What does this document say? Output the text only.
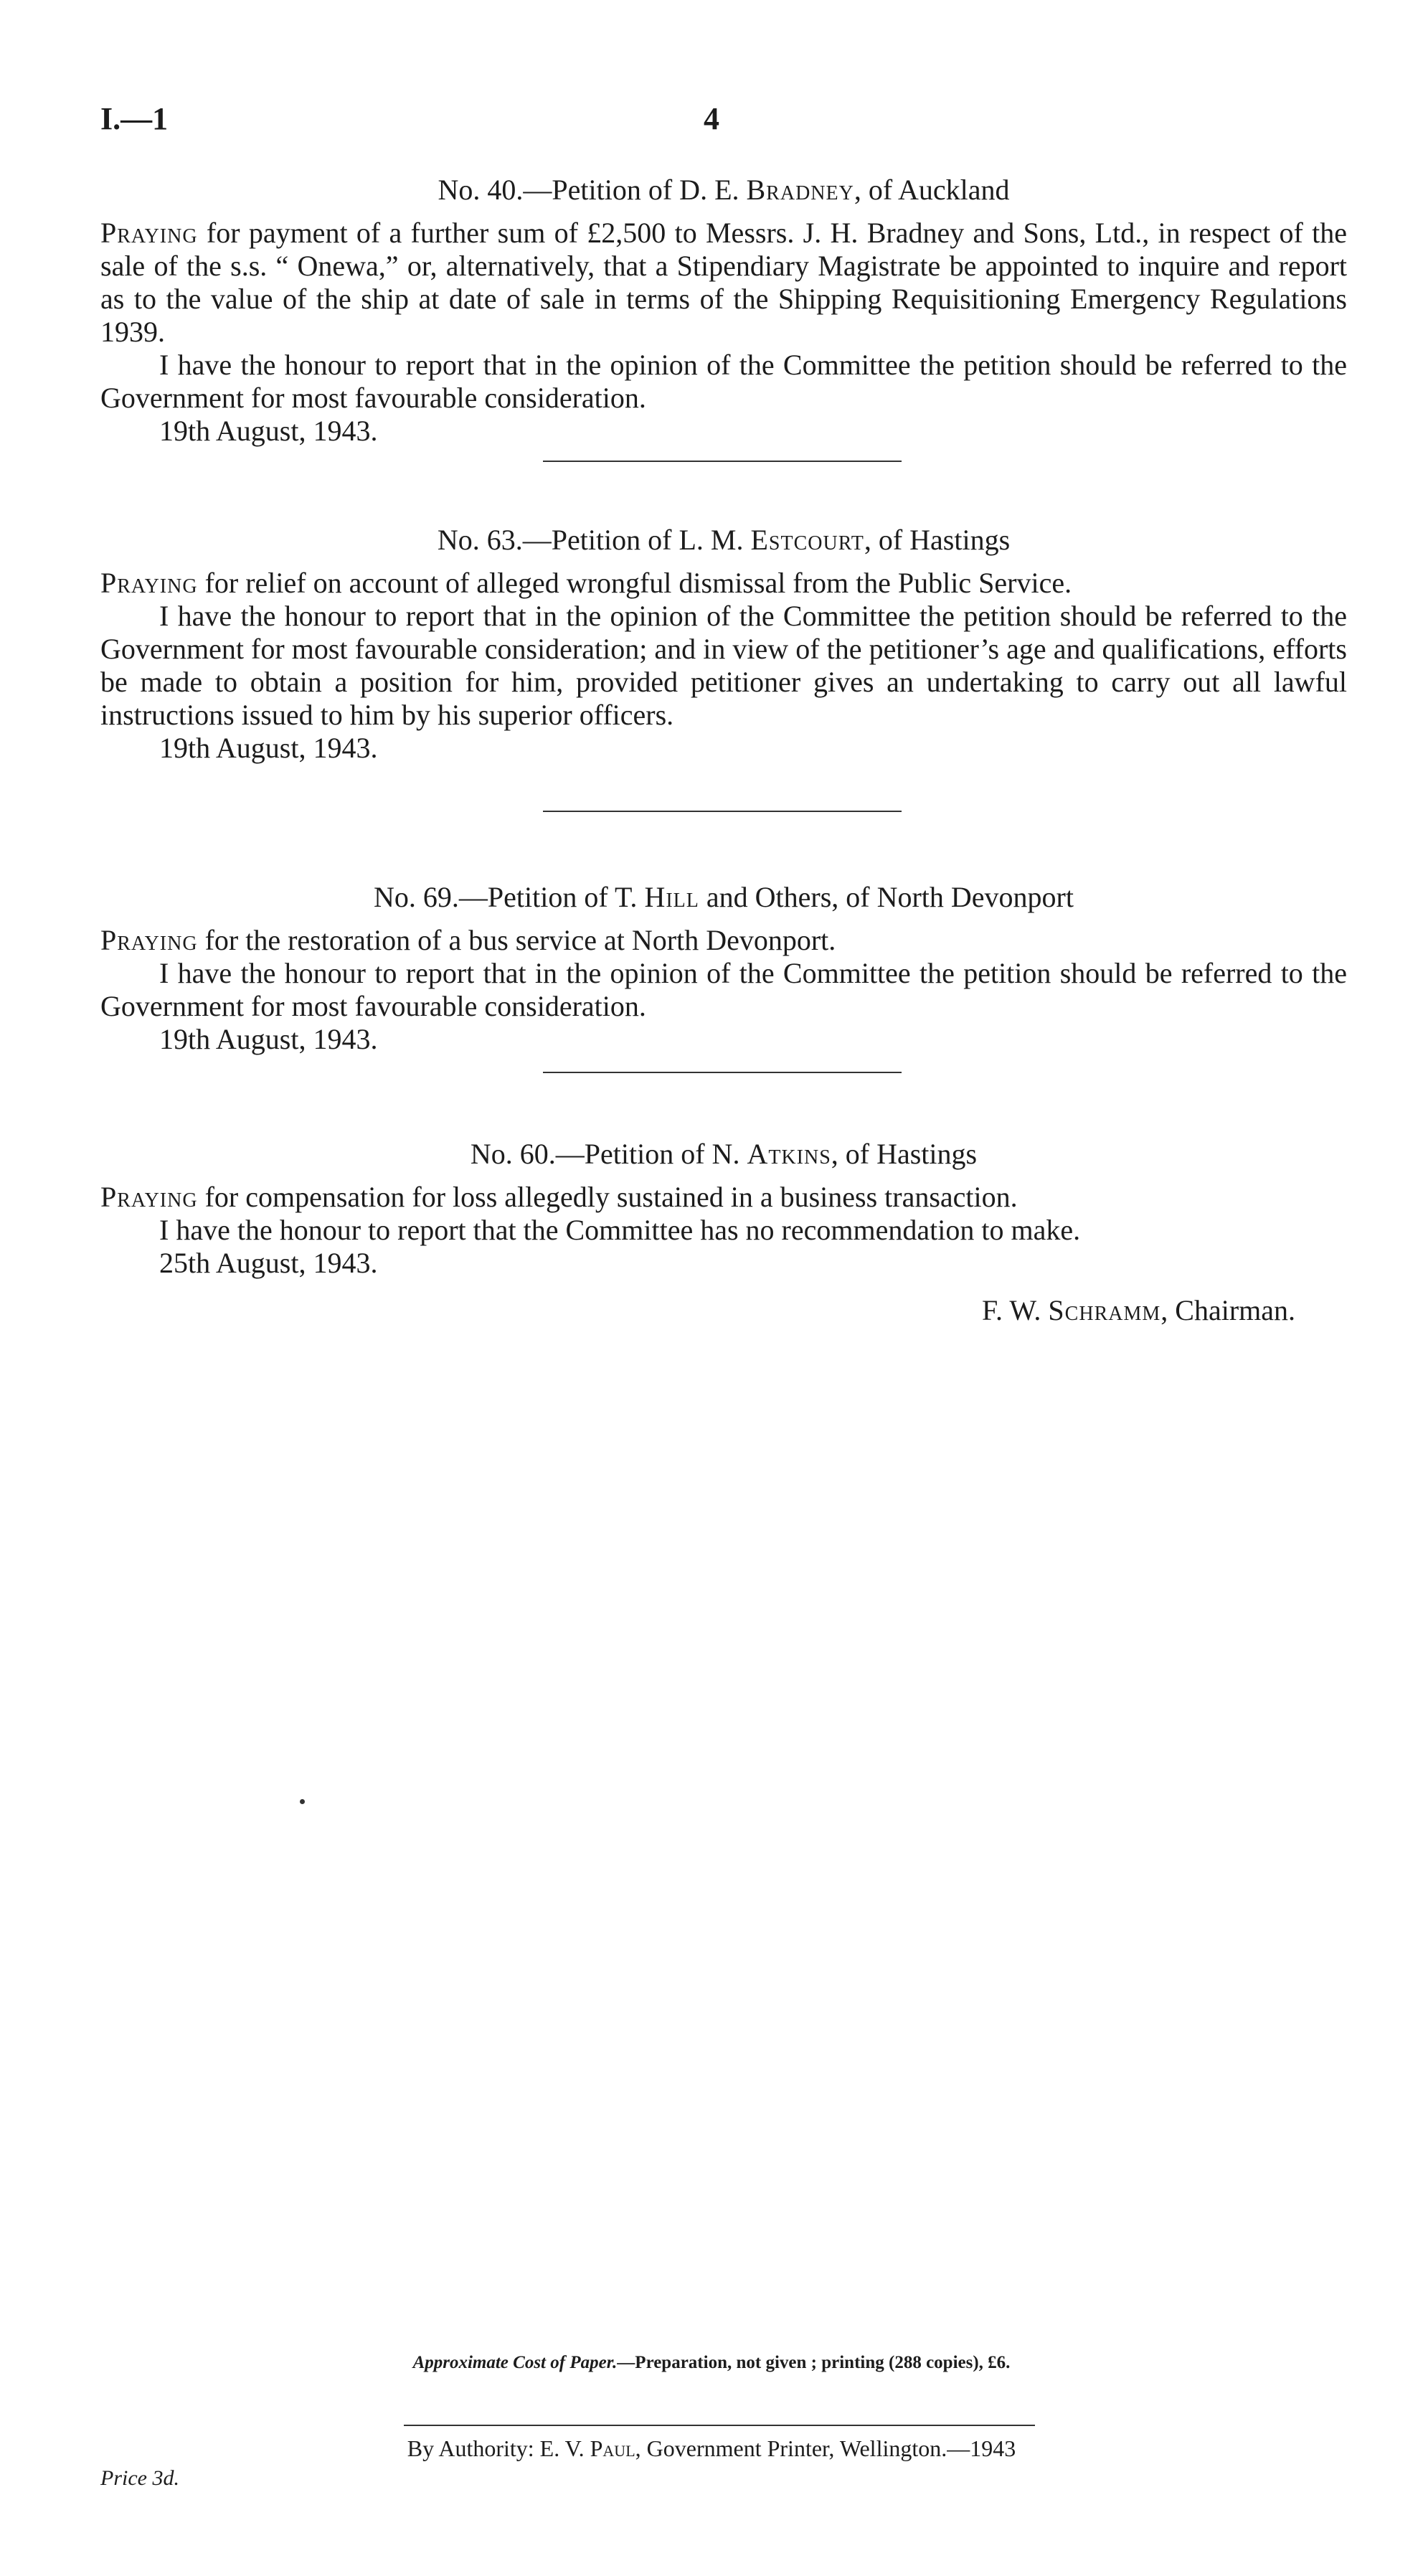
I.—1	4
No. 40.—Petition of D. E. Bradney, of Auckland

Praying for payment of a further sum of £2,500 to Messrs. J. H. Bradney and Sons, Ltd., in respect of the sale of the s.s. “ Onewa,” or, alternatively, that a Stipendiary Magistrate be appointed to inquire and report as to the value of the ship at date of sale in terms of the Shipping Requisitioning Emergency Regulations 1939.

I have the honour to report that in the opinion of the Committee the petition should be referred to the Government for most favourable consideration.

19th August, 1943.
No. 63.—Petition of L. M. Estcourt, of Hastings

Praying for relief on account of alleged wrongful dismissal from the Public Service.

I have the honour to report that in the opinion of the Committee the petition should be referred to the Government for most favourable consideration; and in view of the petitioner’s age and qualifications, efforts be made to obtain a position for him, provided petitioner gives an undertaking to carry out all lawful instructions issued to him by his superior officers.

19th August, 1943.
No. 69.—Petition of T. Hill and Others, of North Devonport

Praying for the restoration of a bus service at North Devonport.

I have the honour to report that in the opinion of the Committee the petition should be referred to the Government for most favourable consideration.

19th August, 1943.
No. 60.—Petition of N. Atkins, of Hastings

Praying for compensation for loss allegedly sustained in a business transaction.

I have the honour to report that the Committee has no recommendation to make.

25th August, 1943.
F. W. Schramm, Chairman.
Approximate Cost of Paper.—Preparation, not given ; printing (288 copies), £6.
By Authority: E. V. Paul, Government Printer, Wellington.—1943
Price 3d.
